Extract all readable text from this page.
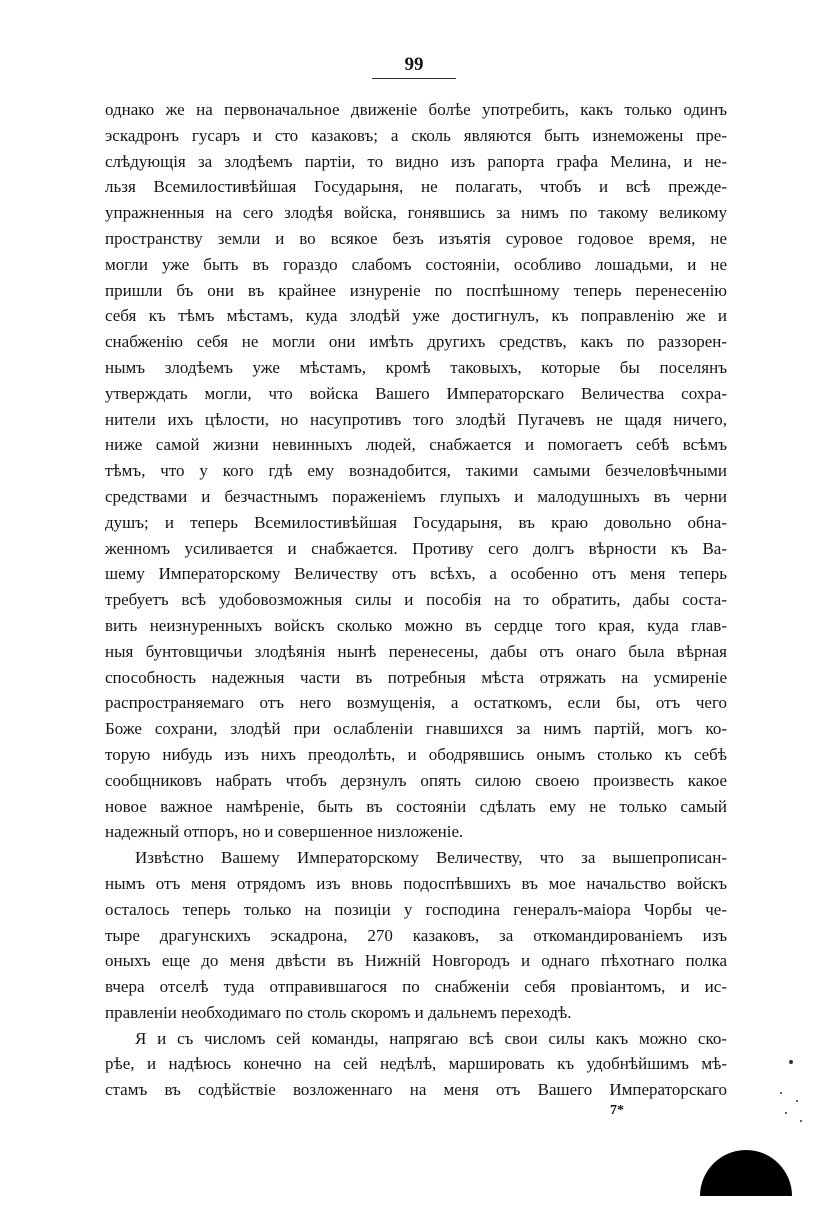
99
однако же на первоначальное движеніе болѣе употребить, какъ только одинъ
эскадронъ гусаръ и сто казаковъ; а сколь являются быть изнеможены пре-
слѣдующія за злодѣемъ партіи, то видно изъ рапорта графа Мелина, и не-
льзя Всемилостивѣйшая Государыня, не полагать, чтобъ и всѣ прежде-
упражненныя на сего злодѣя войска, гонявшись за нимъ по такому великому
пространству земли и во всякое безъ изъятія суровое годовое время, не
могли уже быть въ гораздо слабомъ состояніи, особливо лошадьми, и не
пришли бъ они въ крайнее изнуреніе по поспѣшному теперь перенесенію
себя къ тѣмъ мѣстамъ, куда злодѣй уже достигнулъ, къ поправленію же и
снабженію себя не могли они имѣть другихъ средствъ, какъ по раззорен-
нымъ злодѣемъ уже мѣстамъ, кромѣ таковыхъ, которые бы поселянъ
утверждать могли, что войска Вашего Императорскаго Величества сохра-
нители ихъ цѣлости, но насупротивъ того злодѣй Пугачевъ не щадя ничего,
ниже самой жизни невинныхъ людей, снабжается и помогаетъ себѣ всѣмъ
тѣмъ, что у кого гдѣ ему вознадобится, такими самыми безчеловѣчными
средствами и безчастнымъ пораженіемъ глупыхъ и малодушныхъ въ черни
душъ; и теперь Всемилостивѣйшая Государыня, въ краю довольно обна-
женномъ усиливается и снабжается. Противу сего долгъ вѣрности къ Ва-
шему Императорскому Величеству отъ всѣхъ, а особенно отъ меня теперь
требуетъ всѣ удобовозможныя силы и пособія на то обратить, дабы соста-
вить неизнуренныхъ войскъ сколько можно въ сердце того края, куда глав-
ныя бунтовщичьи злодѣянія нынѣ перенесены, дабы отъ онаго была вѣрная
способность надежныя части въ потребныя мѣста отряжать на усмиреніе
распространяемаго отъ него возмущенія, а остаткомъ, если бы, отъ чего
Боже сохрани, злодѣй при ослабленіи гнавшихся за нимъ партій, могъ ко-
торую нибудь изъ нихъ преодолѣть, и ободрявшись онымъ столько къ себѣ
сообщниковъ набрать чтобъ дерзнулъ опять силою своею произвесть какое
новое важное намѣреніе, быть въ состояніи сдѣлать ему не только самый
надежный отпоръ, но и совершенное низложеніе.
Извѣстно Вашему Императорскому Величеству, что за вышепрописан-
нымъ отъ меня отрядомъ изъ вновь подоспѣвшихъ въ мое начальство войскъ
осталось теперь только на позиціи у господина генералъ-маіора Чорбы че-
тыре драгунскихъ эскадрона, 270 казаковъ, за откомандированіемъ изъ
оныхъ еще до меня двѣсти въ Нижній Новгородъ и однаго пѣхотнаго полка
вчера отселѣ туда отправившагося по снабженіи себя провіантомъ, и ис-
правленіи необходимаго по столь скоромъ и дальнемъ переходѣ.
Я и съ числомъ сей команды, напрягаю всѣ свои силы какъ можно ско-
рѣе, и надѣюсь конечно на сей недѣлѣ, маршировать къ удобнѣйшимъ мѣ-
стамъ въ содѣйствіе возложеннаго на меня отъ Вашего Императорскаго
7*
